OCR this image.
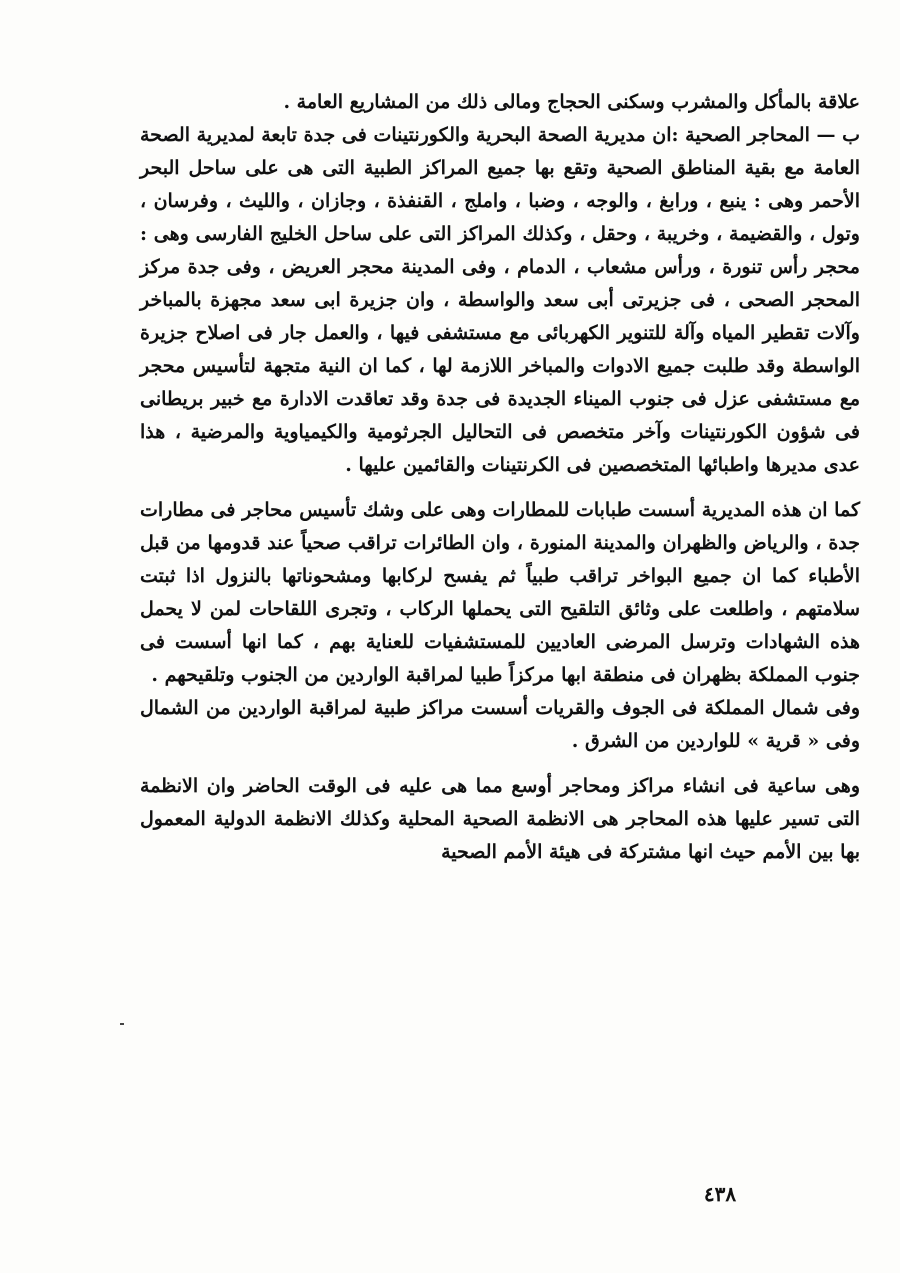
علاقة بالمأكل والمشرب وسكنى الحجاج ومالى ذلك من المشاريع العامة .

ب — المحاجر الصحية :ان مديرية الصحة البحرية والكورنتينات فى جدة تابعة لمديرية الصحة العامة مع بقية المناطق الصحية وتقع بها جميع المراكز الطبية التى هى على ساحل البحر الأحمر وهى : ينبع ، ورابغ ، والوجه ، وضبا ، واملج ، القنفذة ، وجازان ، والليث ، وفرسان ، وتول ، والقضيمة ، وخريبة ، وحقل ، وكذلك المراكز التى على ساحل الخليج الفارسى وهى : محجر رأس تنورة ، ورأس مشعاب ، الدمام ، وفى المدينة محجر العريض ، وفى جدة مركز المحجر الصحى ، فى جزيرتى أبى سعد والواسطة ، وان جزيرة ابى سعد مجهزة بالمباخر وآلات تقطير المياه وآلة للتنوير الكهربائى مع مستشفى فيها ، والعمل جار فى اصلاح جزيرة الواسطة وقد طلبت جميع الادوات والمباخر اللازمة لها ، كما ان النية متجهة لتأسيس محجر مع مستشفى عزل فى جنوب الميناء الجديدة فى جدة وقد تعاقدت الادارة مع خبير بريطانى فى شؤون الكورنتينات وآخر متخصص فى التحاليل الجرثومية والكيمياوية والمرضية ، هذا عدى مديرها واطبائها المتخصصين فى الكرنتينات والقائمين عليها .

كما ان هذه المديرية أسست طبابات للمطارات وهى على وشك تأسيس محاجر فى مطارات جدة ، والرياض والظهران والمدينة المنورة ، وان الطائرات تراقب صحياً عند قدومها من قبل الأطباء كما ان جميع البواخر تراقب طبياً ثم يفسح لركابها ومشحوناتها بالنزول اذا ثبتت سلامتهم ، واطلعت على وثائق التلقيح التى يحملها الركاب ، وتجرى اللقاحات لمن لا يحمل هذه الشهادات وترسل المرضى العاديين للمستشفيات للعناية بهم ، كما انها أسست فى جنوب المملكة بظهران فى منطقة ابها مركزاً طبيا لمراقبة الواردين من الجنوب وتلقيحهم .

وفى شمال المملكة فى الجوف والقريات أسست مراكز طبية لمراقبة الواردين من الشمال وفى « قرية » للواردين من الشرق .

وهى ساعية فى انشاء مراكز ومحاجر أوسع مما هى عليه فى الوقت الحاضر وان الانظمة التى تسير عليها هذه المحاجر هى الانظمة الصحية المحلية وكذلك الانظمة الدولية المعمول بها بين الأمم حيث انها مشتركة فى هيئة الأمم الصحية

٤٣٨
